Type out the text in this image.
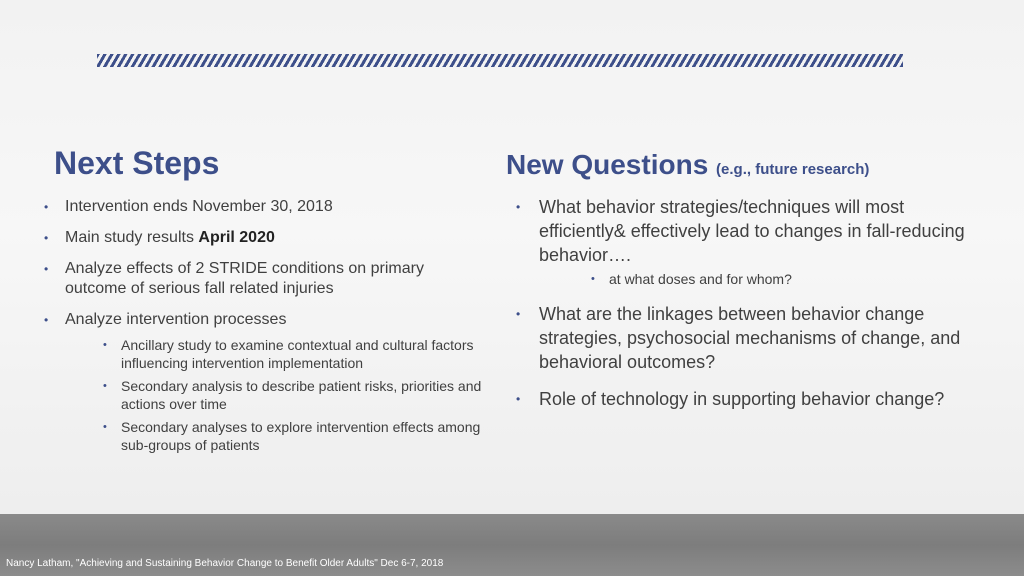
Next Steps
• Intervention ends November 30, 2018
• Main study results April 2020
• Analyze effects of 2 STRIDE conditions on primary outcome of serious fall related injuries
• Analyze intervention processes
• Ancillary study to examine contextual and cultural factors influencing intervention implementation
• Secondary analysis to describe patient risks, priorities and actions over time
• Secondary analyses to explore intervention effects among sub-groups of patients
New Questions (e.g., future research)
• What behavior strategies/techniques will most efficiently& effectively lead to changes in fall-reducing behavior….
• at what doses and for whom?
• What are the linkages between behavior change strategies, psychosocial mechanisms of change, and behavioral outcomes?
• Role of technology in supporting behavior change?
Nancy Latham, "Achieving and Sustaining Behavior Change to Benefit Older Adults" Dec 6-7, 2018
